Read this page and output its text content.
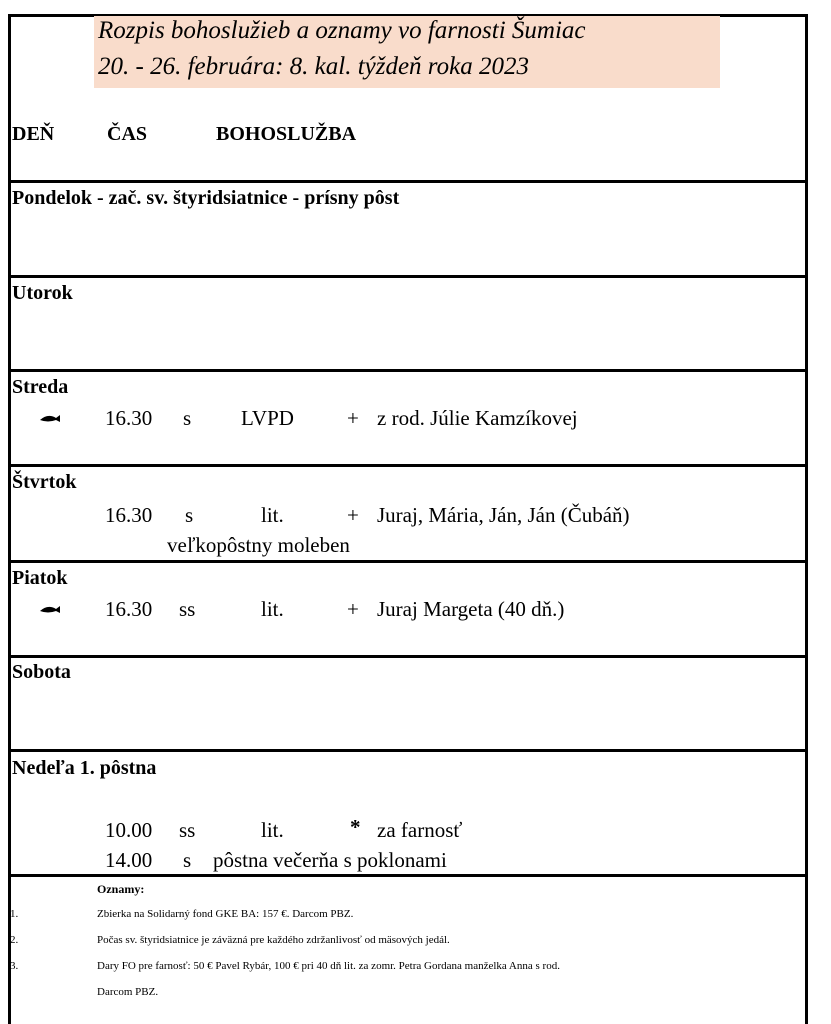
Rozpis bohoslužieb a oznamy vo farnosti Šumiac
20. - 26. februára: 8. kal. týždeň roka 2023
DEŇ	ČAS	BOHOSLUŽBA
Pondelok - zač. sv. štyridsiatnice - prísny pôst
Utorok
Streda
16.30 s LVPD	+ z rod. Júlie Kamzíkovej
Štvrtok
16.30 s	lit.	+ Juraj, Mária, Ján, Ján (Čubáň)
veľkopôstny moleben
Piatok
16.30 ss	lit.	+ Juraj Margeta (40 dň.)
Sobota
Nedeľa 1. pôstna
10.00 ss	lit.	* za farnosť
14.00 s pôstna večerňa s poklonami
Oznamy:
1.	Zbierka na Solidarný fond GKE BA: 157 €. Darcom PBZ.
2.	Počas sv. štyridsiatnice je záväzná pre každého zdržanlivosť od mäsových jedál.
3.	Dary FO pre farnosť: 50 € Pavel Rybár, 100 € pri 40 dň lit. za zomr. Petra Gordana manželka Anna s rod.
Darcom PBZ.
